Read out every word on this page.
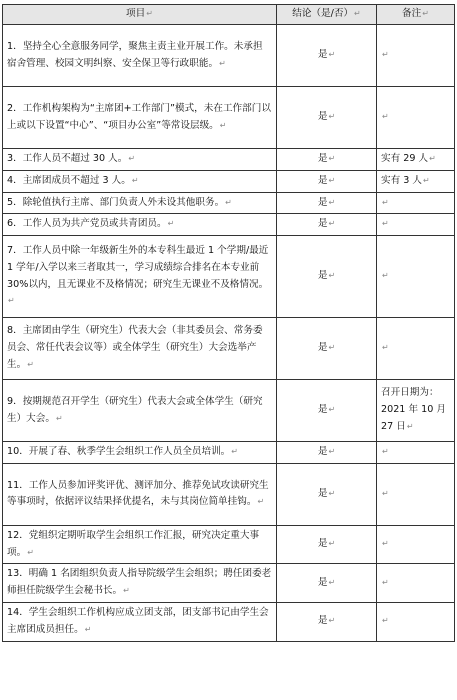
项目↵	结论（是/否）↵	备注↵
1．坚持全心全意服务同学，聚焦主责主业开展工作。未承担宿舍管理、校园文明纠察、安全保卫等行政职能。↵	是↵	↵
2．工作机构架构为“主席团+工作部门”模式，未在工作部门以上或以下设置“中心”、“项目办公室”等常设层级。↵	是↵	↵
3．工作人员不超过 30 人。↵	是↵	实有 29 人↵
4．主席团成员不超过 3 人。↵	是↵	实有 3 人↵
5．除轮值执行主席、部门负责人外未设其他职务。↵	是↵	↵
6．工作人员为共产党员或共青团员。↵	是↵	↵
7．工作人员中除一年级新生外的本专科生最近 1 个学期/最近 1 学年/入学以来三者取其一，学习成绩综合排名在本专业前 30%以内，且无课业不及格情况；研究生无课业不及格情况。↵	是↵	↵
8．主席团由学生（研究生）代表大会（非其委员会、常务委员会、常任代表会议等）或全体学生（研究生）大会选举产生。↵	是↵	↵
9．按期规范召开学生（研究生）代表大会或全体学生（研究生）大会。↵	是↵	召开日期为：2021 年 10 月 27 日↵
10．开展了春、秋季学生会组织工作人员全员培训。↵	是↵	↵
11．工作人员参加评奖评优、测评加分、推荐免试攻读研究生等事项时，依据评议结果择优提名，未与其岗位简单挂钩。↵	是↵	↵
12．党组织定期听取学生会组织工作汇报，研究决定重大事项。↵	是↵	↵
13．明确 1 名团组织负责人指导院级学生会组织；聘任团委老师担任院级学生会秘书长。↵	是↵	↵
14．学生会组织工作机构应成立团支部，团支部书记由学生会主席团成员担任。↵	是↵	↵
